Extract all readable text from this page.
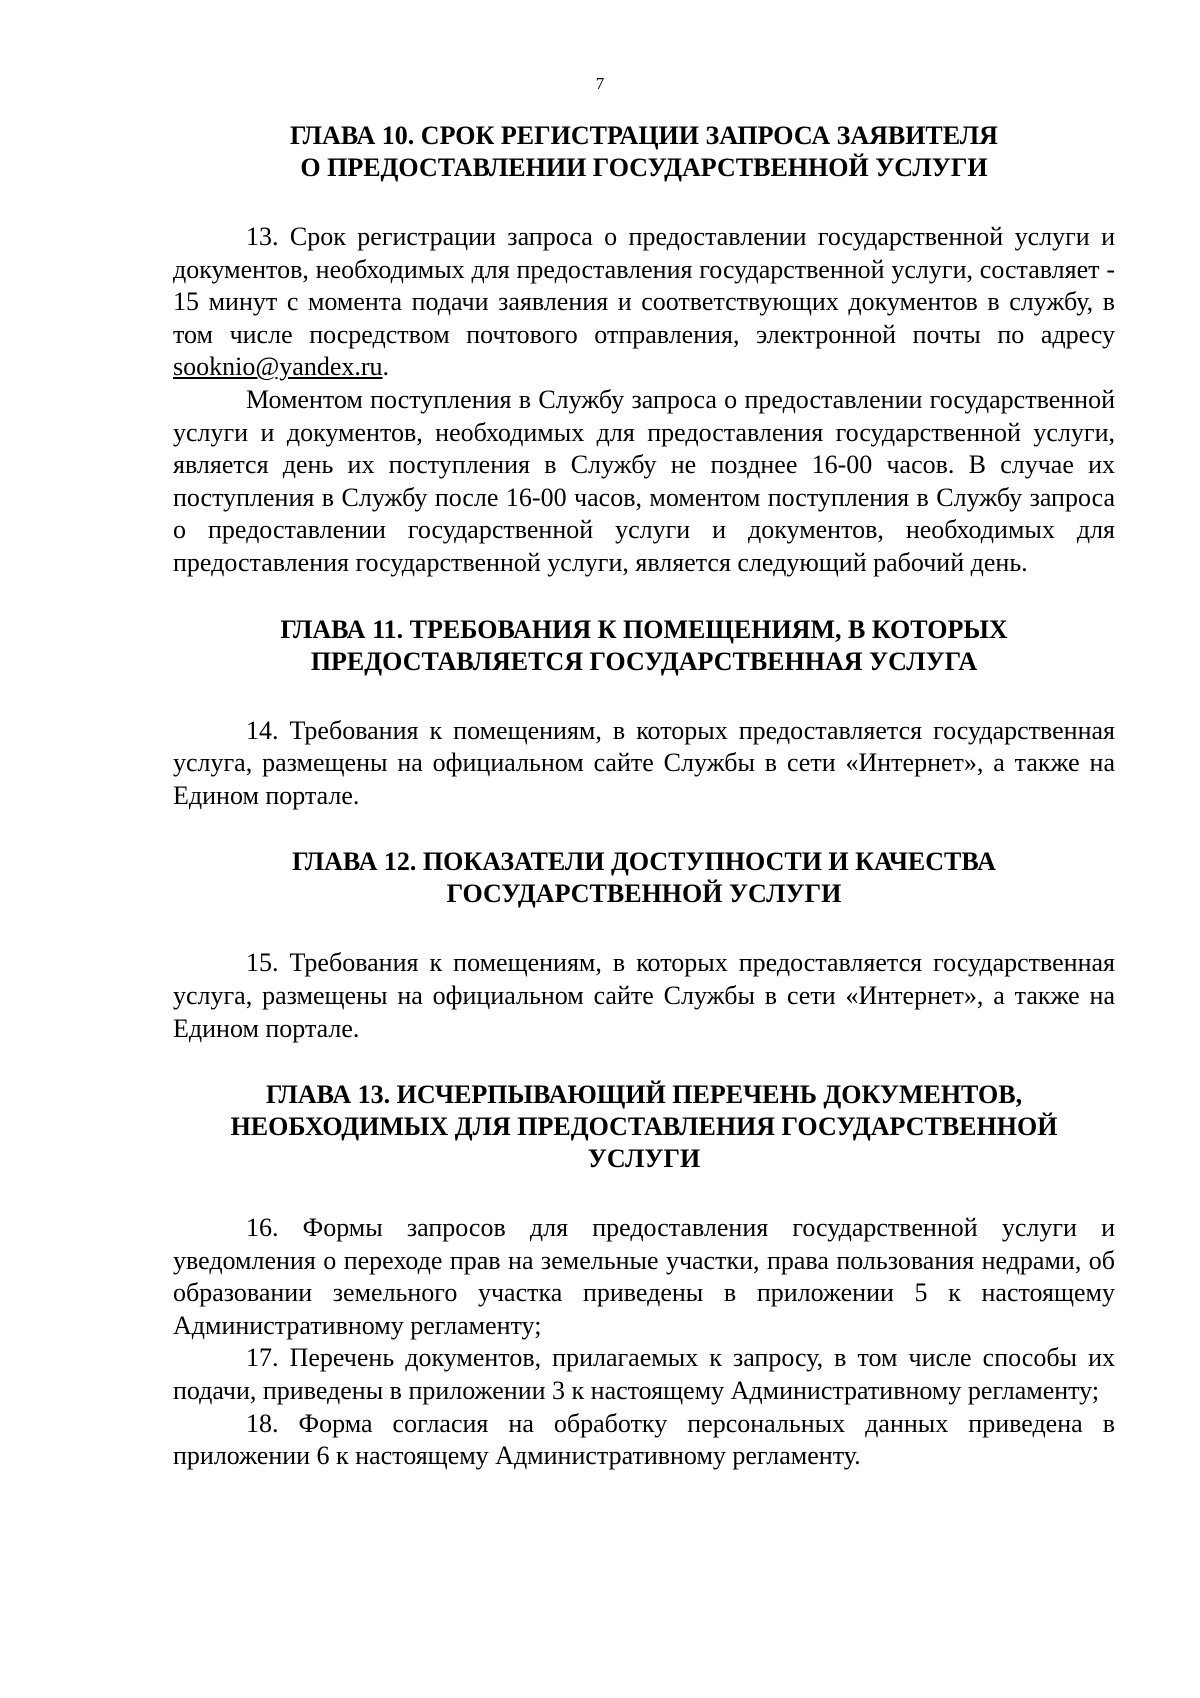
7
ГЛАВА 10. СРОК РЕГИСТРАЦИИ ЗАПРОСА ЗАЯВИТЕЛЯ
О ПРЕДОСТАВЛЕНИИ ГОСУДАРСТВЕННОЙ УСЛУГИ

13. Срок регистрации запроса о предоставлении государственной услуги и документов, необходимых для предоставления государственной услуги, составляет - 15 минут с момента подачи заявления и соответствующих документов в службу, в том числе посредством почтового отправления, электронной почты по адресу sooknio@yandex.ru.

Моментом поступления в Службу запроса о предоставлении государственной услуги и документов, необходимых для предоставления государственной услуги, является день их поступления в Службу не позднее 16-00 часов. В случае их поступления в Службу после 16-00 часов, моментом поступления в Службу запроса о предоставлении государственной услуги и документов, необходимых для предоставления государственной услуги, является следующий рабочий день.

ГЛАВА 11. ТРЕБОВАНИЯ К ПОМЕЩЕНИЯМ, В КОТОРЫХ
ПРЕДОСТАВЛЯЕТСЯ ГОСУДАРСТВЕННАЯ УСЛУГА

14. Требования к помещениям, в которых предоставляется государственная услуга, размещены на официальном сайте Службы в сети «Интернет», а также на Едином портале.

ГЛАВА 12. ПОКАЗАТЕЛИ ДОСТУПНОСТИ И КАЧЕСТВА
ГОСУДАРСТВЕННОЙ УСЛУГИ

15. Требования к помещениям, в которых предоставляется государственная услуга, размещены на официальном сайте Службы в сети «Интернет», а также на Едином портале.

ГЛАВА 13. ИСЧЕРПЫВАЮЩИЙ ПЕРЕЧЕНЬ ДОКУМЕНТОВ,
НЕОБХОДИМЫХ ДЛЯ ПРЕДОСТАВЛЕНИЯ ГОСУДАРСТВЕННОЙ
УСЛУГИ

16. Формы запросов для предоставления государственной услуги и уведомления о переходе прав на земельные участки, права пользования недрами, об образовании земельного участка приведены в приложении 5 к настоящему Административному регламенту;

17. Перечень документов, прилагаемых к запросу, в том числе способы их подачи, приведены в приложении 3 к настоящему Административному регламенту;

18. Форма согласия на обработку персональных данных приведена в приложении 6 к настоящему Административному регламенту.
